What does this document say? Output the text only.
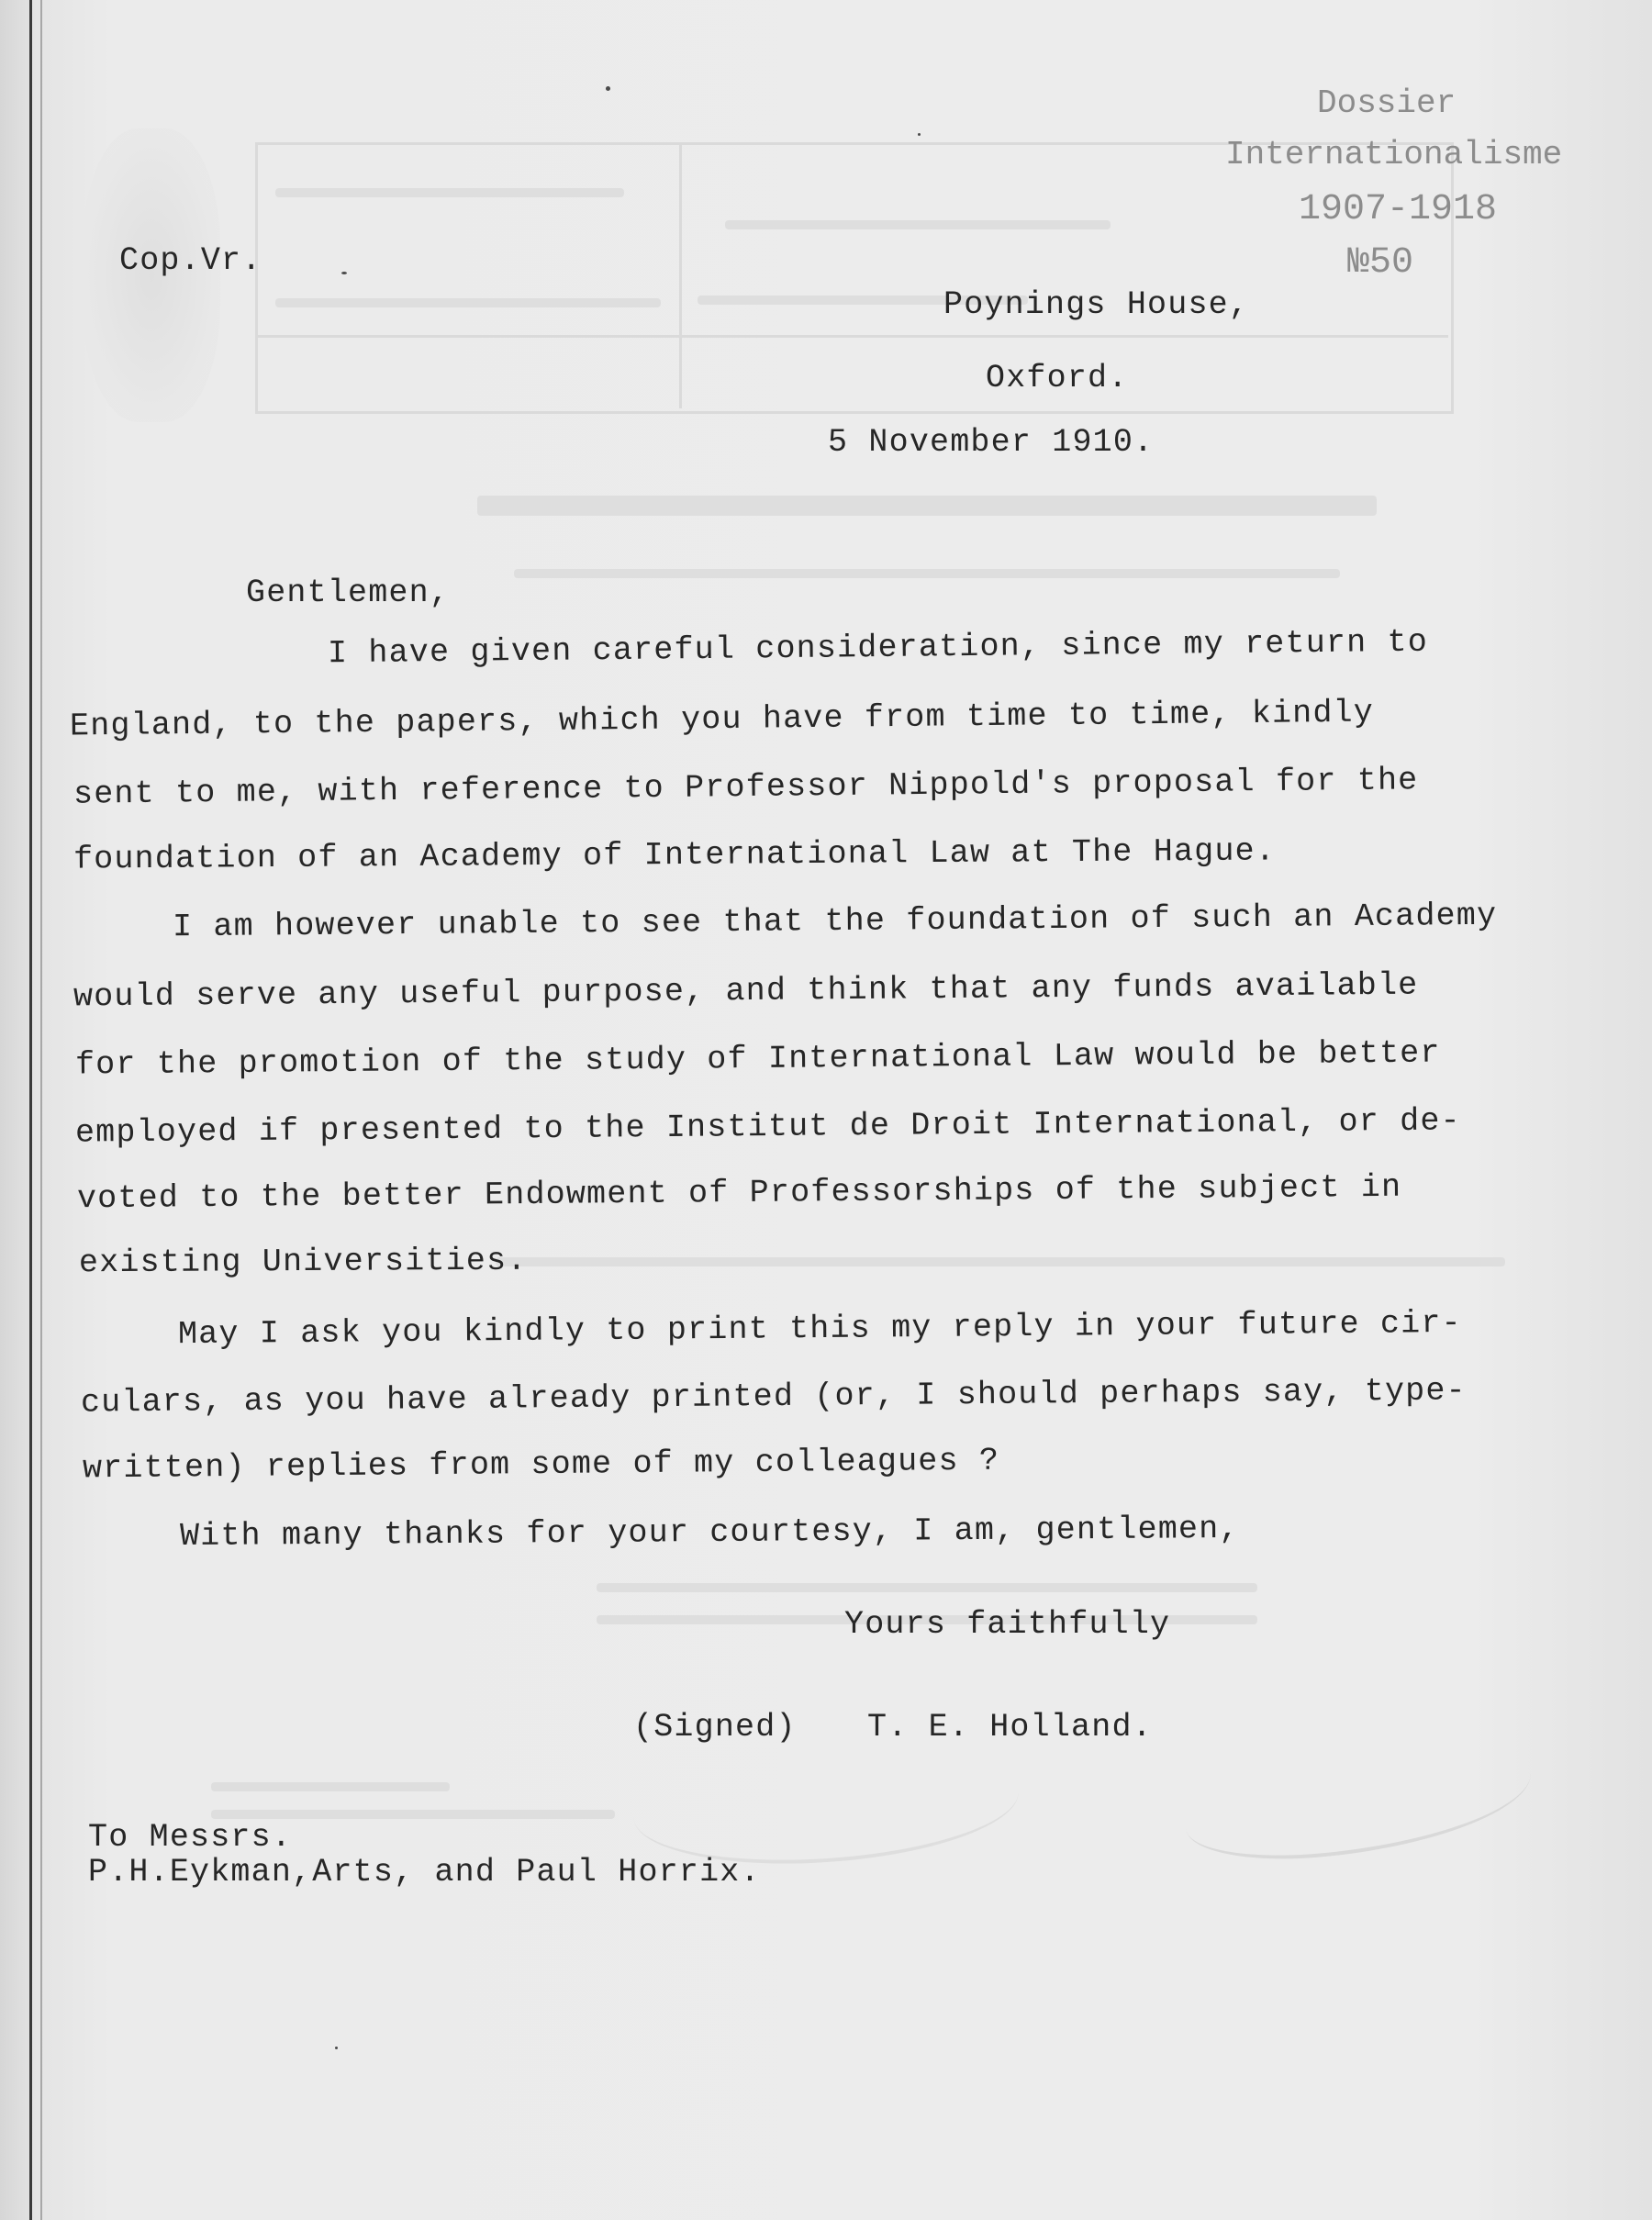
Dossier
Internationalisme
1907-1918
№50
Cop.Vr.
Poynings House,
Oxford.
5 November 1910.
Gentlemen,
I have given careful consideration, since my return to
England, to the papers, which you have from time to time, kindly
sent to me, with reference to Professor Nippold's proposal for the
foundation of an Academy of International Law at The Hague.
I am however unable to see that the foundation of such an Academy
would serve any useful purpose, and think that any funds available
for the promotion of the study of International Law would be better
employed if presented to the Institut de Droit International, or de-
voted to the better Endowment of Professorships of the subject in
existing Universities.
May I ask you kindly to print this my reply in your future cir-
culars, as you have already printed (or, I should perhaps say, type-
written) replies from some of my colleagues ?
With many thanks for your courtesy, I am, gentlemen,
Yours faithfully
(Signed) T. E. Holland.
To Messrs.
P.H.Eykman,Arts, and Paul Horrix.
